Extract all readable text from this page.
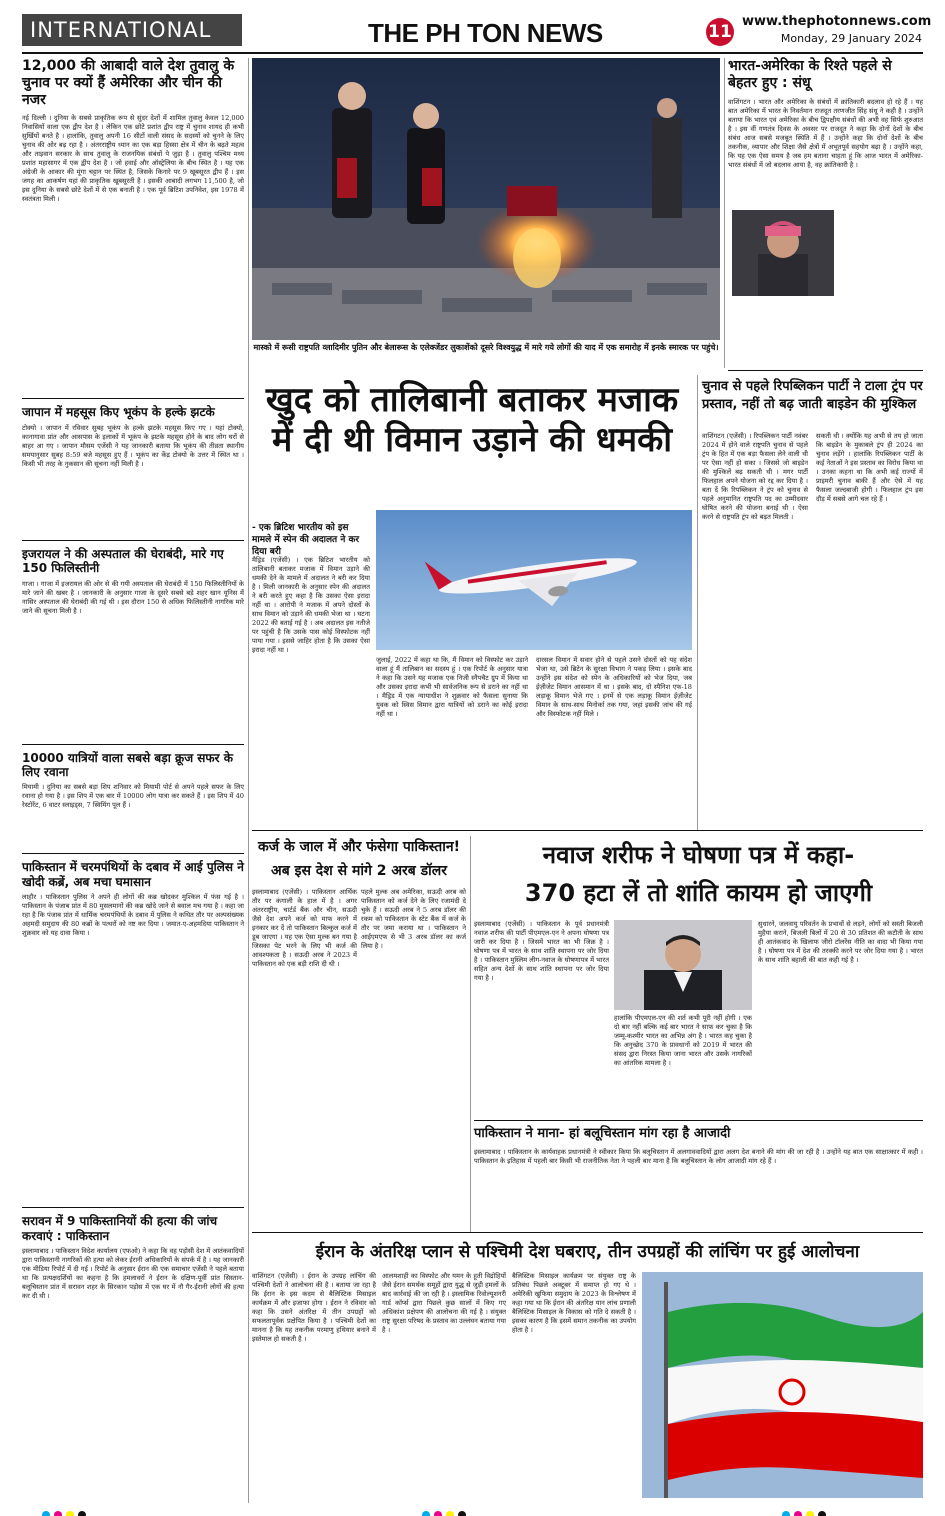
INTERNATIONAL	THE PH TON NEWS	11
www.thephotonnews.com
Monday, 29 January 2024
12,000 की आबादी वाले देश तुवालु के चुनाव पर क्यों हैं अमेरिका और चीन की नजर
नई दिल्ली । दुनिया के सबसे प्राकृतिक रूप से सुंदर देशों में शामिल तुवालु केवल 12,000 निवासियों वाला एक द्वीप देश है । लेकिन एक छोटे प्रशांत द्वीप राष्ट्र में चुनाव शायद ही कभी सुर्खियों बनते है । हालांकि, तुवालु अपनी 16 सीटों वाली संसद के सदस्यों को चुनने के लिए चुनाव की ओर बढ़ रहा है । अंतरराष्ट्रीय ध्यान का एक बड़ा हिस्सा क्षेत्र में चीन के बढ़ते महत्व और ताइवान सरकार के साथ तुवालु के राजनयिक संबंधों पे जुड़ा है । तुवालु पश्चिम मध्य प्रशांत महासागर में एक द्वीप देश है । जो हवाई और ऑस्ट्रेलिया के बीच स्थित है । यह एक अंग्रेजी के आकार की मूंगा चट्टान पर स्थित है, जिसके किनारे पर 9 खूबसूरत द्वीप हैं । इस जगह का आकर्षण यहां की प्राकृतिक खूबसूरती है । इसकी आबादी लगभग 11,500 है, जो इस दुनिया के सबसे छोटे देशों में से एक बनाती है । एक पूर्व ब्रिटिश उपनिवेश, इस 1978 में स्वतंत्रता मिली ।
जापान में महसूस किए भूकंप के हल्के झटके
टोक्यो । जापान में रविवार सुबह भूकंप के हल्के झटके महसूस किए गए । यहां टोक्यो, कानागावा प्रांत और आसपास के इलाकों में भूकंप के झटके महसूस होने के बाद लोग घरों से बाहर आ गए । जापान मौसम एजेंसी ने यह जानकारी बताया कि भूकंप की तीव्रता स्थानीय समयानुसार सुबह 8:59 बजे महसूस हुए हैं । भूकंप का केंद्र टोक्यो के उत्तर में स्थित था । किसी भी तरह के नुकसान की सूचना नहीं मिली है ।
इजरायल ने की अस्पताल की घेराबंदी, मारे गए 150 फिलिस्तीनी
गाजा । गाजा में इजरायल की ओर से की गयी अस्पताल की घेराबंदी में 150 फिलिस्तीनियों के मारे जाने की खबर है । जानकारी के अनुसार गाजा के दूसरे सबसे बड़े शहर खान यूनिस में नासिर अस्पताल की घेराबंदी की गई थी । इस दौरान 150 से अधिक फिलिस्तीनी नागरिक मारे जाने की सूचना मिली है ।
10000 यात्रियों वाला सबसे बड़ा क्रूज सफर के लिए रवाना
मियामी । दुनिया का सबसे बड़ा शिप शनिवार को मियामी पोर्ट से अपने पहले सफर के लिए रवाना हो गया है । इस शिप में एक बार में 10000 लोग यात्रा कर सकते हैं । इस शिप में 40 रेस्टोरेंट, 6 वाटर स्लाइड्स, 7 स्विमिंग पूल हैं ।
पाकिस्तान में चरमपंथियों के दबाव में आई पुलिस ने खोदी कब्रें, अब मचा घमासान
लाहौर । पाकिस्तान पुलिस ने अपने ही लोगों की कब्र खोदकर मुश्किल में फंस गई है । पाकिस्तान के पंजाब प्रांत में 80 मुसलमानों की कब्र खोदे जाने से बवाल मच गया है । कहा जा रहा है कि पंजाब प्रांत में धार्मिक चरमपंथियों के दबाव में पुलिस ने कथित तौर पर अल्पसंख्यक अहमदी समुदाय की 80 कब्रों के पत्थरों को नष्ट कर दिया । जमात-ए-अहमदिया पाकिस्तान ने शुक्रवार को यह दावा किया ।
सरावन में 9 पाकिस्तानियों की हत्या की जांच करवाएं : पाकिस्तान
इस्लामाबाद । पाकिस्तान विदेश कार्यालय (एफओ) ने कहा कि वह पड़ोसी देश में आतंकवादियों द्वारा पाकिस्तानी नागरिकों की हत्या को लेकर ईरानी अधिकारियों के संपर्क में है । यह जानकारी एक मीडिया रिपोर्ट में दी गई । रिपोर्ट के अनुसार ईरान की एक समाचार एजेंसी ने पहले बताया था कि प्रत्यक्षदर्शियों का कहना है कि हमलावरों ने ईरान के दक्षिण-पूर्वी प्रांत सिस्तान-बलूचिस्तान प्रांत में सरावन शहर के सिरकान पड़ोस में एक घर में नौ गैर-ईरानी लोगों की हत्या कर दी थी ।
मास्को में रूसी राष्ट्रपति व्लादिमीर पुतिन और बेलारूस के एलेक्जेंडर लुकाशेंको दूसरे विश्वयुद्ध में मारे गये लोगों की याद में एक समारोह में इनके स्मारक पर पहुंचे।
भारत-अमेरिका के रिश्ते पहले से बेहतर हुए : संधू
वाशिंगटन । भारत और अमेरिका के संबंधों में क्रांतिकारी बदलाव हो रहे हैं । यह बात अमेरिका में भारत के निवर्तमान राजदूत तरणजीत सिंह संधू ने कही है । उन्होंने बताया कि भारत एवं अमेरिका के बीच द्विपक्षीय संबंधों की अभी वह सिर्फ शुरुआत है । इस वीं गणतंत्र दिवस के अवसर पर राजदूत ने कहा कि दोनों देशों के बीच संबंध आज सबसे मजबूत स्थिति में हैं । उन्होंने कहा कि दोनों देशों के बीच तकनीक, व्यापार और शिक्षा जैसे क्षेत्रों में अभूतपूर्व सहयोग बढ़ा है । उन्होंने कहा, कि यह एक ऐसा समय है जब हम बताना चाहता हूं कि आज भारत में अमेरिका-भारत संबंधों में जो बदलाव आया है, वह क्रांतिकारी है ।
खुद को तालिबानी बताकर मजाक में दी थी विमान उड़ाने की धमकी
- एक ब्रिटिश भारतीय को इस मामले में स्पेन की अदालत ने कर दिया बरी
मैड्रिड (एजेंसी) । एक ब्रिटिश भारतीय को तालिबानी बताकर मजाक में विमान उड़ाने की धमकी देने के मामले में अदालत ने बरी कर दिया है । मिली जानकारी के अनुसार स्पेन की अदालत ने बरी करते हुए कहा है कि उसका ऐसा इरादा नहीं था । आरोपी ने मजाक में अपने दोस्तों के साथ विमान को उड़ाने की धमकी भेजा था । घटना 2022 की बताई गई है । अब अदालत इस नतीजे पर पहुंची है कि उसके पास कोई विस्फोटक नहीं पाया गया । इससे जाहिर होता है कि उसका ऐसा इरादा नहीं था ।
जुलाई, 2022 में कहा था कि, मैं विमान को विस्फोट कर उड़ाने वाला हूं मैं तालिबान का सदस्य हूं । एक रिपोर्ट के अनुसार यात्रा ने कहा कि उसने यह मजाक एक निजी स्नैपचैट ग्रुप में किया था और उसका इरादा कभी भी सार्वजनिक रूप से डराने का नहीं था । मैड्रिड में एक न्यायाधीश ने शुक्रवार को फैसला सुनाया कि युवक को स्विस विमान द्वारा यात्रियों को डराने का कोई इरादा नहीं था ।
दारसल विमान में सवार होने से पहले उसने दोस्तों को यह संदेश भेजा था, उसे ब्रिटेन के सुरक्षा विभाग ने पकड़ लिया । इसके बाद उन्होंने इस संदेश को स्पेन के अधिकारियों को भेज दिया, जब ईज़ीजेट विमान आसमान में था । इसके बाद, दो स्पैनिश एफ-18 लड़ाकू विमान भेजे गए । इनमें से एक लड़ाकू विमान ईज़ीजेट विमान के साथ-साथ मिनोर्का तक गया, जहां इसकी जांच की गई और विस्फोटक नहीं मिले ।
चुनाव से पहले रिपब्लिकन पार्टी ने टाला ट्रंप पर प्रस्ताव, नहीं तो बढ़ जाती बाइडेन की मुश्किल
वाशिंगटन (एजेंसी) । रिपब्लिकन पार्टी नवंबर 2024 में होने वाले राष्ट्रपति चुनाव से पहले ट्रंप के हित में एक बड़ा फैसला लेने वाली थी पर ऐसा नहीं हो सका । जिससे जो बाइडेन की मुश्किलें बढ़ सकती थी । मगर पार्टी फिलहाल अपने योजना को रद्द कर दिया है । बता दें कि रिपब्लिकन ने ट्रंप को चुनाव से पहले अनुमानित राष्ट्रपति पद का उम्मीदवार घोषित करने की योजना बनाई थी । ऐसा करने से राष्ट्रपति ट्रंप को बढ़त मिलती ।
सकती थी । क्योंकि यह अभी से तय हो जाता कि बाइडेन के मुकाबले ट्रंप ही 2024 का चुनाव लड़ेंगे । हालांकि रिपब्लिकन पार्टी के कई नेताओं ने इस प्रस्ताव का विरोध किया था । उनका कहना था कि अभी कई राज्यों में प्राइमरी चुनाव बाकी हैं और ऐसे में यह फैसला जल्दबाजी होगी । फिलहाल ट्रंप इस दौड़ में सबसे आगे चल रहे हैं ।
कर्ज के जाल में और फंसेगा पाकिस्तान!
अब इस देश से मांगे 2 अरब डॉलर
इस्लामाबाद (एजेंसी) । पाकिस्तान आर्थिक तौर पर कंगाली के हाल में है । अगर अंतरराष्ट्रीय, चार्टर्ड बैंक और चीन, सऊदी जैसे देश अपने कर्ज को माफ करने में इनकार कर दें तो पाकिस्तान बिल्कुल कर्ज में डूब जाएगा । यह एक ऐसा मुल्क बन गया है जिसका पेट भरने के लिए भी कर्ज की आवश्यकता है । सऊदी अरब ने 2023 में पाकिस्तान को एक बड़ी राशि दी थी ।
पहले मुल्क अब अमेरिका, सऊदी अरब को पाकिस्तान को कर्ज देने के लिए रजामंदी दे चुके हैं । सऊदी अरब ने 5 अरब डॉलर की रकम को पाकिस्तान के स्टेट बैंक में कर्ज के तौर पर जमा कराया था । पाकिस्तान ने आईएमएफ से भी 3 अरब डॉलर का कर्ज लिया है ।
नवाज शरीफ ने घोषणा पत्र में कहा-
370 हटा लें तो शांति कायम हो जाएगी
इस्लामाबाद (एजेंसी) । पाकिस्तान के पूर्व प्रधानमंत्री नवाज शरीफ की पार्टी पीएमएल-एन ने अपना घोषणा पत्र जारी कर दिया है । जिसमें भारत का भी जिक्र है । घोषणा पत्र में भारत के साथ शांति स्थापना पर जोर दिया है । पाकिस्तान मुस्लिम लीग-नवाज के घोषणापत्र में भारत सहित अन्य देशों के साथ शांति स्थापना पर जोर दिया गया है ।
हालांकि पीएमएल-एन की शर्त कभी पूरी नहीं होगी । एक दो बार नहीं बल्कि कई बार भारत ने साफ कर चुका है कि जम्मू-कश्मीर भारत का अभिन्न अंग है । भारत कह चुका है कि अनुच्छेद 370 के प्रावधानों को 2019 में भारत की संसद द्वारा निरस्त किया जाना भारत और उसके नागरिकों का आंतरिक मामला है ।
सुधारने, जलवायु परिवर्तन के प्रभावों से लड़ने, लोगों को सस्ती बिजली मुहैया कराने, बिजली बिलों में 20 से 30 प्रतिशत की कटौती के साथ ही आतंकवाद के खिलाफ जीरो टॉलरेंस नीति का वादा भी किया गया है । घोषणा पत्र में देश की तरक्की करने पर जोर दिया गया है । भारत के साथ शांति बहाली की बात कही गई है ।
पाकिस्तान ने माना- हां बलूचिस्तान मांग रहा है आजादी
इस्लामाबाद । पाकिस्तान के कार्यवाहक प्रधानमंत्री ने स्वीकार किया कि बलूचिस्तान में अलगाववादियों द्वारा अलग देश बनाने की मांग की जा रही है । उन्होंने यह बात एक साक्षात्कार में कही । पाकिस्तान के इतिहास में पहली बार किसी भी राजनीतिक नेता ने पहली बार माना है कि बलूचिस्तान के लोग आजादी मांग रहे हैं ।
ईरान के अंतरिक्ष प्लान से पश्चिमी देश घबराए, तीन उपग्रहों की लांचिंग पर हुई आलोचना
वाशिंगटन (एजेंसी) । ईरान के उपग्रह लांचिंग की पश्चिमी देशों ने आलोचना की है । बताया जा रहा है कि ईरान के इस कदम से बैलिस्टिक मिसाइल कार्यक्रम में और इजाफा होगा । ईरान ने रविवार को कहा कि उसने अंतरिक्ष में तीन उपग्रहों को सफलतापूर्वक प्रक्षेपित किया है । पश्चिमी देशों का मानना है कि यह तकनीक परमाणु हथियार बनाने में इस्तेमाल हो सकती है ।
आलमशाही का विस्फोट और यमन के हूती विद्रोहियों जैसे ईरान समर्थक समूहों द्वारा युद्ध से जुड़ी हमलों के बाद कार्रवाई की जा रही है । इस्लामिक रिवोल्यूशनरी गार्ड कॉर्प्स द्वारा पिछले कुछ सालों में किए गए अधिकांश प्रक्षेपण की आलोचना की गई है । संयुक्त राष्ट्र सुरक्षा परिषद के प्रस्ताव का उल्लंघन बताया गया है ।
बैलिस्टिक मिसाइल कार्यक्रम पर संयुक्त राष्ट्र के प्रतिबंध पिछले अक्टूबर में समाप्त हो गए थे । अमेरिकी खुफिया समुदाय के 2023 के विश्लेषण में कहा गया था कि ईरान की अंतरिक्ष यान लांच प्रणाली बैलिस्टिक मिसाइल के विकास को गति दे सकती है । इसका कारण है कि इसमें समान तकनीक का उपयोग होता है ।
